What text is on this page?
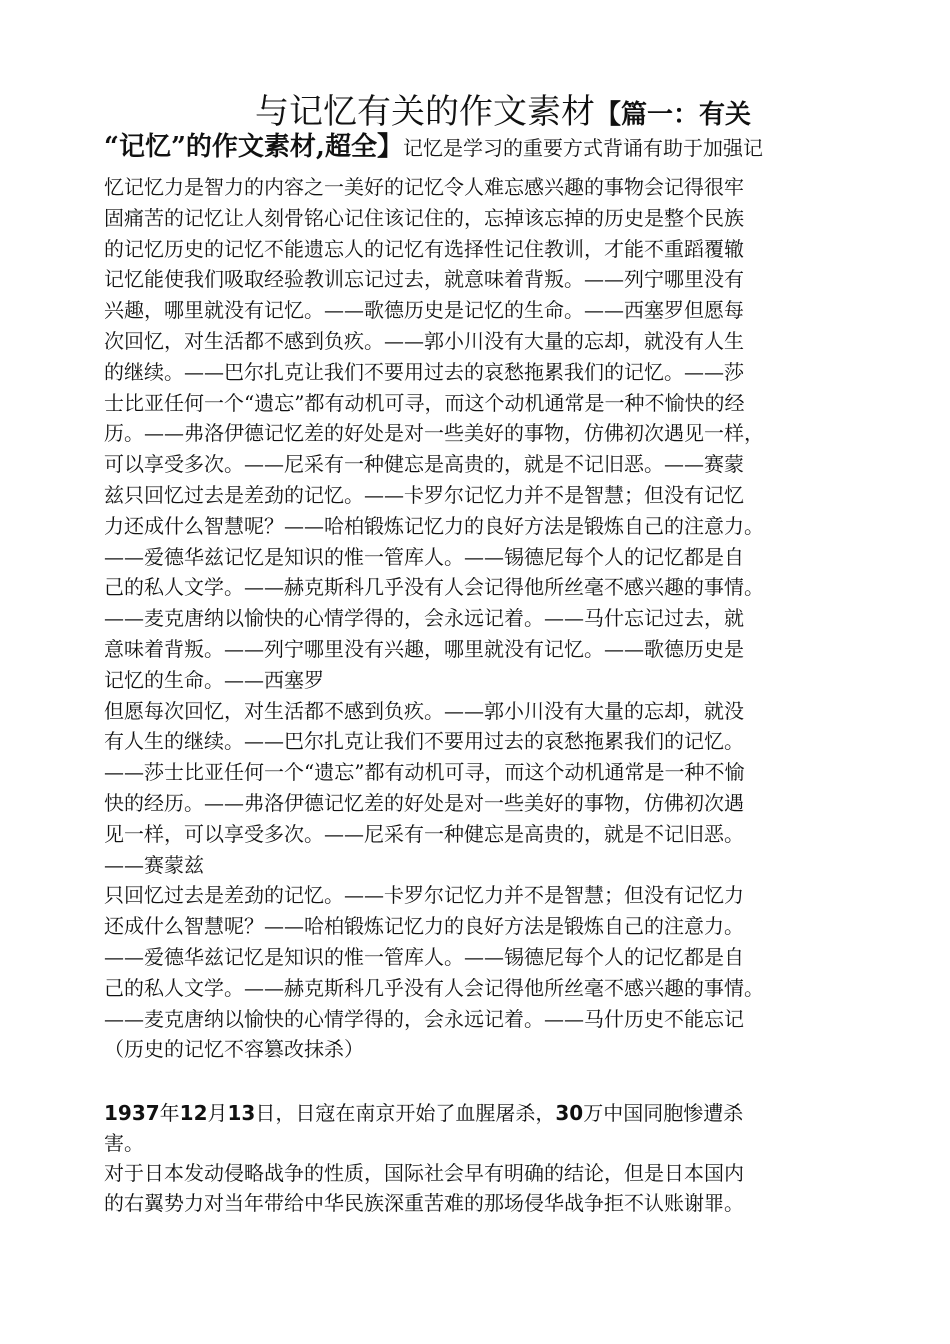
与记忆有关的作文素材【篇一：有关
“记忆”的作文素材,超全】记忆是学习的重要方式背诵有助于加强记
忆记忆力是智力的内容之一美好的记忆令人难忘感兴趣的事物会记得很牢
固痛苦的记忆让人刻骨铭心记住该记住的，忘掉该忘掉的历史是整个民族
的记忆历史的记忆不能遗忘人的记忆有选择性记住教训，才能不重蹈覆辙
记忆能使我们吸取经验教训忘记过去，就意味着背叛。——列宁哪里没有
兴趣，哪里就没有记忆。——歌德历史是记忆的生命。——西塞罗但愿每
次回忆，对生活都不感到负疚。——郭小川没有大量的忘却，就没有人生
的继续。——巴尔扎克让我们不要用过去的哀愁拖累我们的记忆。——莎
士比亚任何一个“遗忘”都有动机可寻，而这个动机通常是一种不愉快的经
历。——弗洛伊德记忆差的好处是对一些美好的事物，仿佛初次遇见一样，
可以享受多次。——尼采有一种健忘是高贵的，就是不记旧恶。——赛蒙
兹只回忆过去是差劲的记忆。——卡罗尔记忆力并不是智慧；但没有记忆
力还成什么智慧呢？——哈柏锻炼记忆力的良好方法是锻炼自己的注意力。
——爱德华兹记忆是知识的惟一管库人。——锡德尼每个人的记忆都是自
己的私人文学。——赫克斯科几乎没有人会记得他所丝毫不感兴趣的事情。
——麦克唐纳以愉快的心情学得的，会永远记着。——马什忘记过去，就
意味着背叛。——列宁哪里没有兴趣，哪里就没有记忆。——歌德历史是
记忆的生命。——西塞罗
但愿每次回忆，对生活都不感到负疚。——郭小川没有大量的忘却，就没
有人生的继续。——巴尔扎克让我们不要用过去的哀愁拖累我们的记忆。
——莎士比亚任何一个“遗忘”都有动机可寻，而这个动机通常是一种不愉
快的经历。——弗洛伊德记忆差的好处是对一些美好的事物，仿佛初次遇
见一样，可以享受多次。——尼采有一种健忘是高贵的，就是不记旧恶。
——赛蒙兹
只回忆过去是差劲的记忆。——卡罗尔记忆力并不是智慧；但没有记忆力
还成什么智慧呢？——哈柏锻炼记忆力的良好方法是锻炼自己的注意力。
——爱德华兹记忆是知识的惟一管库人。——锡德尼每个人的记忆都是自
己的私人文学。——赫克斯科几乎没有人会记得他所丝毫不感兴趣的事情。
——麦克唐纳以愉快的心情学得的，会永远记着。——马什历史不能忘记
（历史的记忆不容篡改抹杀）
1937年12月13日，日寇在南京开始了血腥屠杀，30万中国同胞惨遭杀
害。
对于日本发动侵略战争的性质，国际社会早有明确的结论，但是日本国内
的右翼势力对当年带给中华民族深重苦难的那场侵华战争拒不认账谢罪。
